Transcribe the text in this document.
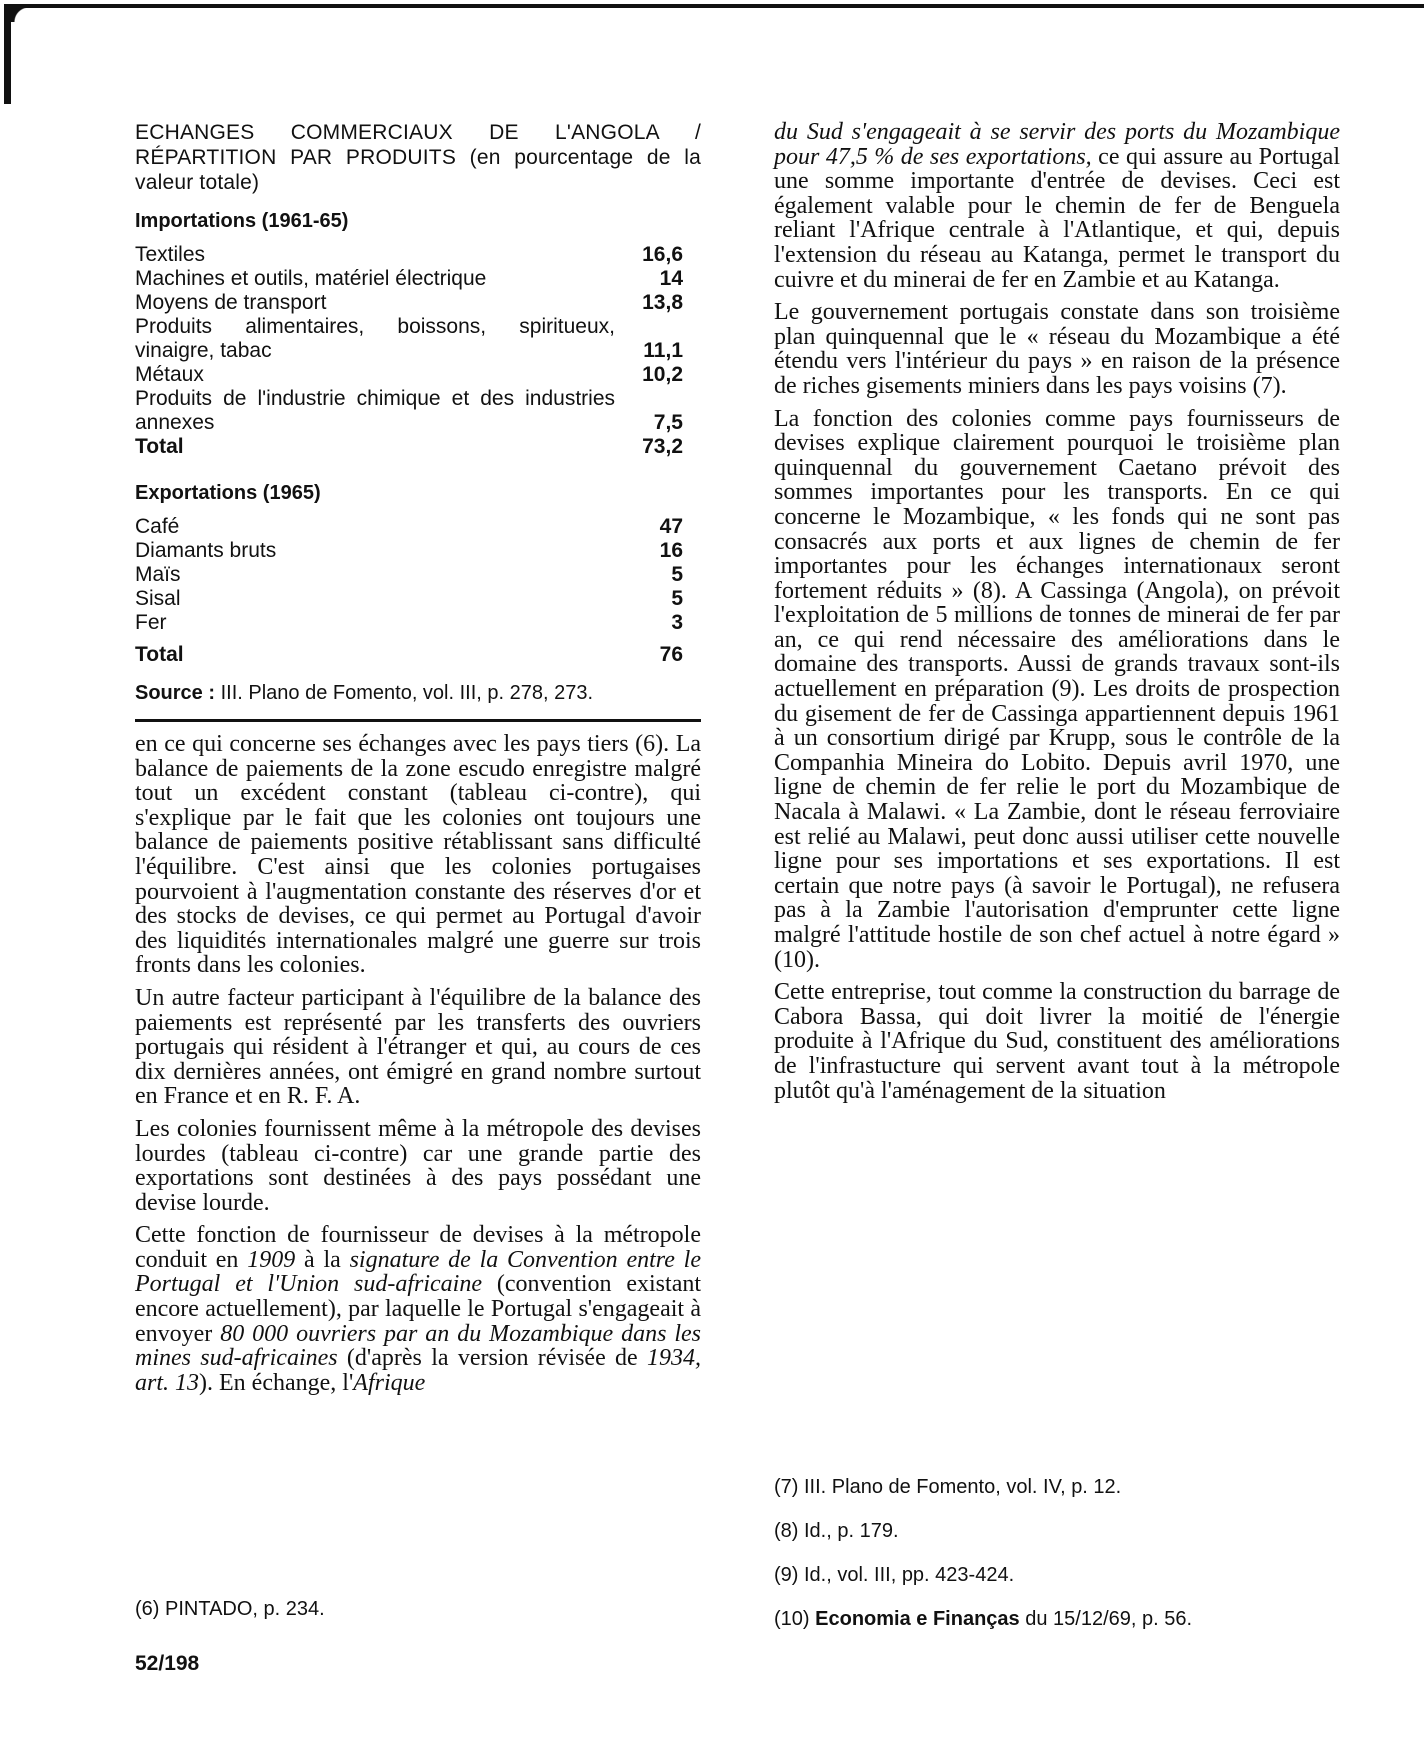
ECHANGES COMMERCIAUX DE L'ANGOLA /
RÉPARTITION PAR PRODUITS (en pourcentage de la valeur totale)

Importations (1961-65)
Textiles	16,6
Machines et outils, matériel électrique	14
Moyens de transport	13,8
Produits alimentaires, boissons, spiritueux, vinaigre, tabac	11,1
Métaux	10,2
Produits de l'industrie chimique et des industries annexes	7,5
Total	73,2
Exportations (1965)
Café	47
Diamants bruts	16
Maïs	5
Sisal	5
Fer	3
Total	76
Source : III. Plano de Fomento, vol. III, p. 278, 273.

en ce qui concerne ses échanges avec les pays tiers (6). La balance de paiements de la zone escudo enregistre malgré tout un excédent constant (tableau ci-contre), qui s'explique par le fait que les colonies ont toujours une balance de paiements positive rétablissant sans difficulté l'équilibre. C'est ainsi que les colonies portugaises pourvoient à l'augmentation constante des réserves d'or et des stocks de devises, ce qui permet au Portugal d'avoir des liquidités internationales malgré une guerre sur trois fronts dans les colonies.

Un autre facteur participant à l'équilibre de la balance des paiements est représenté par les transferts des ouvriers portugais qui résident à l'étranger et qui, au cours de ces dix dernières années, ont émigré en grand nombre surtout en France et en R. F. A.

Les colonies fournissent même à la métropole des devises lourdes (tableau ci-contre) car une grande partie des exportations sont destinées à des pays possédant une devise lourde.

Cette fonction de fournisseur de devises à la métropole conduit en 1909 à la signature de la Convention entre le Portugal et l'Union sud-africaine (convention existant encore actuellement), par laquelle le Portugal s'engageait à envoyer 80 000 ouvriers par an du Mozambique dans les mines sud-africaines (d'après la version révisée de 1934, art. 13). En échange, l'Afrique

du Sud s'engageait à se servir des ports du Mozambique pour 47,5 % de ses exportations, ce qui assure au Portugal une somme importante d'entrée de devises. Ceci est également valable pour le chemin de fer de Benguela reliant l'Afrique centrale à l'Atlantique, et qui, depuis l'extension du réseau au Katanga, permet le transport du cuivre et du minerai de fer en Zambie et au Katanga.

Le gouvernement portugais constate dans son troisième plan quinquennal que le « réseau du Mozambique a été étendu vers l'intérieur du pays » en raison de la présence de riches gisements miniers dans les pays voisins (7).

La fonction des colonies comme pays fournisseurs de devises explique clairement pourquoi le troisième plan quinquennal du gouvernement Caetano prévoit des sommes importantes pour les transports. En ce qui concerne le Mozambique, « les fonds qui ne sont pas consacrés aux ports et aux lignes de chemin de fer importantes pour les échanges internationaux seront fortement réduits » (8). A Cassinga (Angola), on prévoit l'exploitation de 5 millions de tonnes de minerai de fer par an, ce qui rend nécessaire des améliorations dans le domaine des transports. Aussi de grands travaux sont-ils actuellement en préparation (9). Les droits de prospection du gisement de fer de Cassinga appartiennent depuis 1961 à un consortium dirigé par Krupp, sous le contrôle de la Companhia Mineira do Lobito. Depuis avril 1970, une ligne de chemin de fer relie le port du Mozambique de Nacala à Malawi. « La Zambie, dont le réseau ferroviaire est relié au Malawi, peut donc aussi utiliser cette nouvelle ligne pour ses importations et ses exportations. Il est certain que notre pays (à savoir le Portugal), ne refusera pas à la Zambie l'autorisation d'emprunter cette ligne malgré l'attitude hostile de son chef actuel à notre égard » (10).

Cette entreprise, tout comme la construction du barrage de Cabora Bassa, qui doit livrer la moitié de l'énergie produite à l'Afrique du Sud, constituent des améliorations de l'infrastucture qui servent avant tout à la métropole plutôt qu'à l'aménagement de la situation

(6) PINTADO, p. 234.
52/198
(7) III. Plano de Fomento, vol. IV, p. 12.
(8) Id., p. 179.
(9) Id., vol. III, pp. 423-424.
(10) Economia e Finanças du 15/12/69, p. 56.
